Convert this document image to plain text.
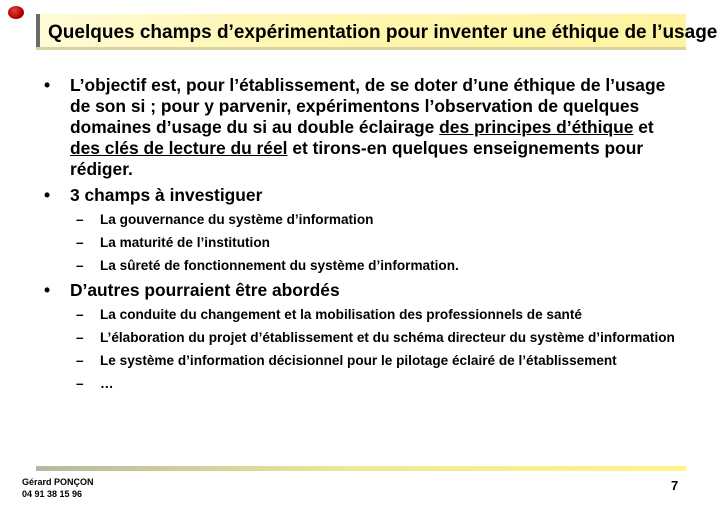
Quelques champs d’expérimentation pour inventer une éthique de l’usage
• L’objectif est, pour l’établissement, de se doter d’une éthique de l’usage de son si ; pour y parvenir, expérimentons l’observation de quelques domaines d’usage du si au double éclairage des principes d’éthique et des clés de lecture du réel et tirons-en quelques enseignements pour rédiger.
• 3 champs à investiguer
– La gouvernance du système d’information
– La maturité de l’institution
– La sûreté de fonctionnement du système d’information.
• D’autres pourraient être abordés
– La conduite du changement et la mobilisation des professionnels de santé
– L’élaboration du projet d’établissement et du schéma directeur du système d’information
– Le système d’information décisionnel pour le pilotage éclairé de l’établissement
– …
Gérard PONÇON
04 91 38 15 96
7
